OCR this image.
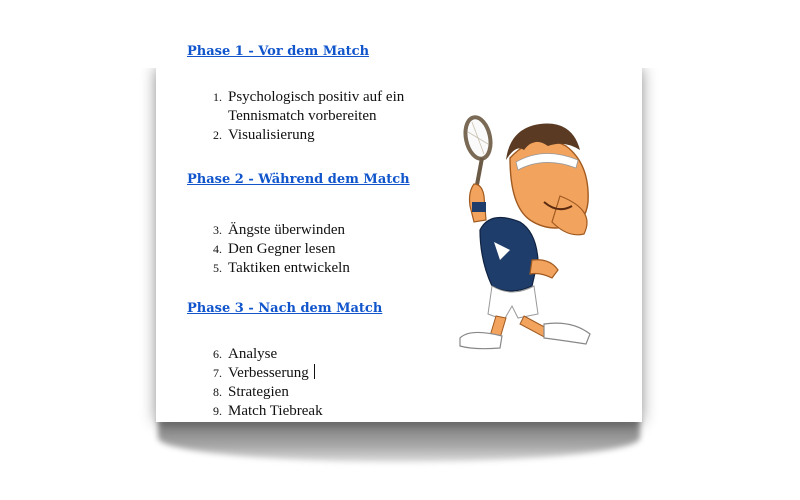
Phase 1 - Vor dem Match
1. Psychologisch positiv auf ein Tennismatch vorbereiten
2. Visualisierung
Phase 2 - Während dem Match
3. Ängste überwinden
4. Den Gegner lesen
5. Taktiken entwickeln
Phase 3 - Nach dem Match
6. Analyse
7. Verbesserung
8. Strategien
9. Match Tiebreak
